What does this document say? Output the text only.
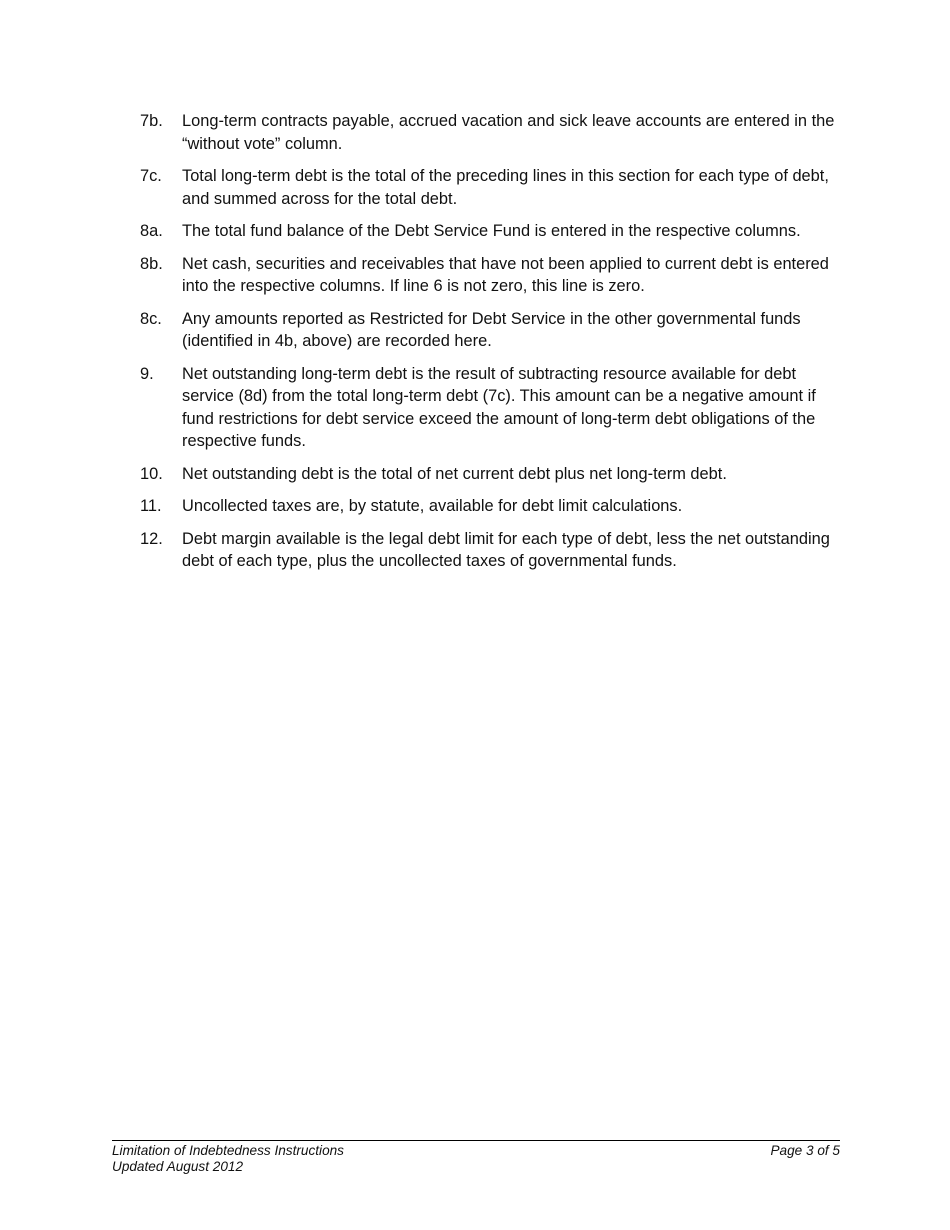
7b.	Long-term contracts payable, accrued vacation and sick leave accounts are entered in the “without vote” column.
7c.	Total long-term debt is the total of the preceding lines in this section for each type of debt, and summed across for the total debt.
8a.	The total fund balance of the Debt Service Fund is entered in the respective columns.
8b.	Net cash, securities and receivables that have not been applied to current debt is entered into the respective columns. If line 6 is not zero, this line is zero.
8c.	Any amounts reported as Restricted for Debt Service in the other governmental funds (identified in 4b, above) are recorded here.
9.	Net outstanding long-term debt is the result of subtracting resource available for debt service (8d) from the total long-term debt (7c). This amount can be a negative amount if fund restrictions for debt service exceed the amount of long-term debt obligations of the respective funds.
10.	Net outstanding debt is the total of net current debt plus net long-term debt.
11.	Uncollected taxes are, by statute, available for debt limit calculations.
12.	Debt margin available is the legal debt limit for each type of debt, less the net outstanding debt of each type, plus the uncollected taxes of governmental funds.
Limitation of Indebtedness Instructions	Page 3 of 5
Updated August 2012
